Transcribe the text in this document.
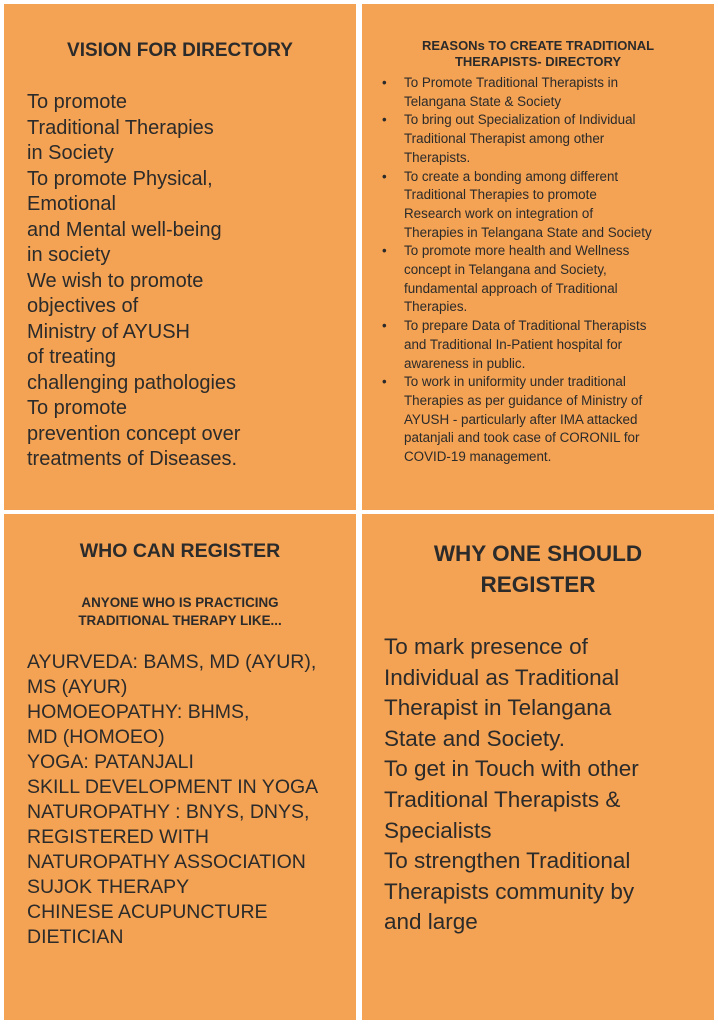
VISION FOR DIRECTORY
To promote
Traditional Therapies
in Society
To promote Physical,
Emotional
and Mental well-being
in society
We wish to promote
objectives of
Ministry of AYUSH
of treating
challenging pathologies
To promote
prevention concept over
treatments of Diseases.
REASONs TO CREATE TRADITIONAL
THERAPISTS- DIRECTORY
• To Promote Traditional Therapists in
Telangana State & Society
• To bring out Specialization of Individual
Traditional Therapist among other
Therapists.
• To create a bonding among different
Traditional Therapies to promote
Research work on integration of
Therapies in Telangana State and Society
• To promote more health and Wellness
concept in Telangana and Society,
fundamental approach of Traditional
Therapies.
• To prepare Data of Traditional Therapists
and Traditional In-Patient hospital for
awareness in public.
• To work in uniformity under traditional
Therapies as per guidance of Ministry of
AYUSH - particularly after IMA attacked
patanjali and took case of CORONIL for
COVID-19 management.
WHO CAN REGISTER
ANYONE WHO IS PRACTICING
TRADITIONAL THERAPY LIKE...
AYURVEDA: BAMS, MD (AYUR),
MS (AYUR)
HOMOEOPATHY: BHMS,
MD (HOMOEO)
YOGA: PATANJALI
SKILL DEVELOPMENT IN YOGA
NATUROPATHY : BNYS, DNYS,
REGISTERED WITH
NATUROPATHY ASSOCIATION
SUJOK THERAPY
CHINESE ACUPUNCTURE
DIETICIAN
WHY ONE SHOULD
REGISTER
To mark presence of
Individual as Traditional
Therapist in Telangana
State and Society.
To get in Touch with other
Traditional Therapists &
Specialists
To strengthen Traditional
Therapists community by
and large
